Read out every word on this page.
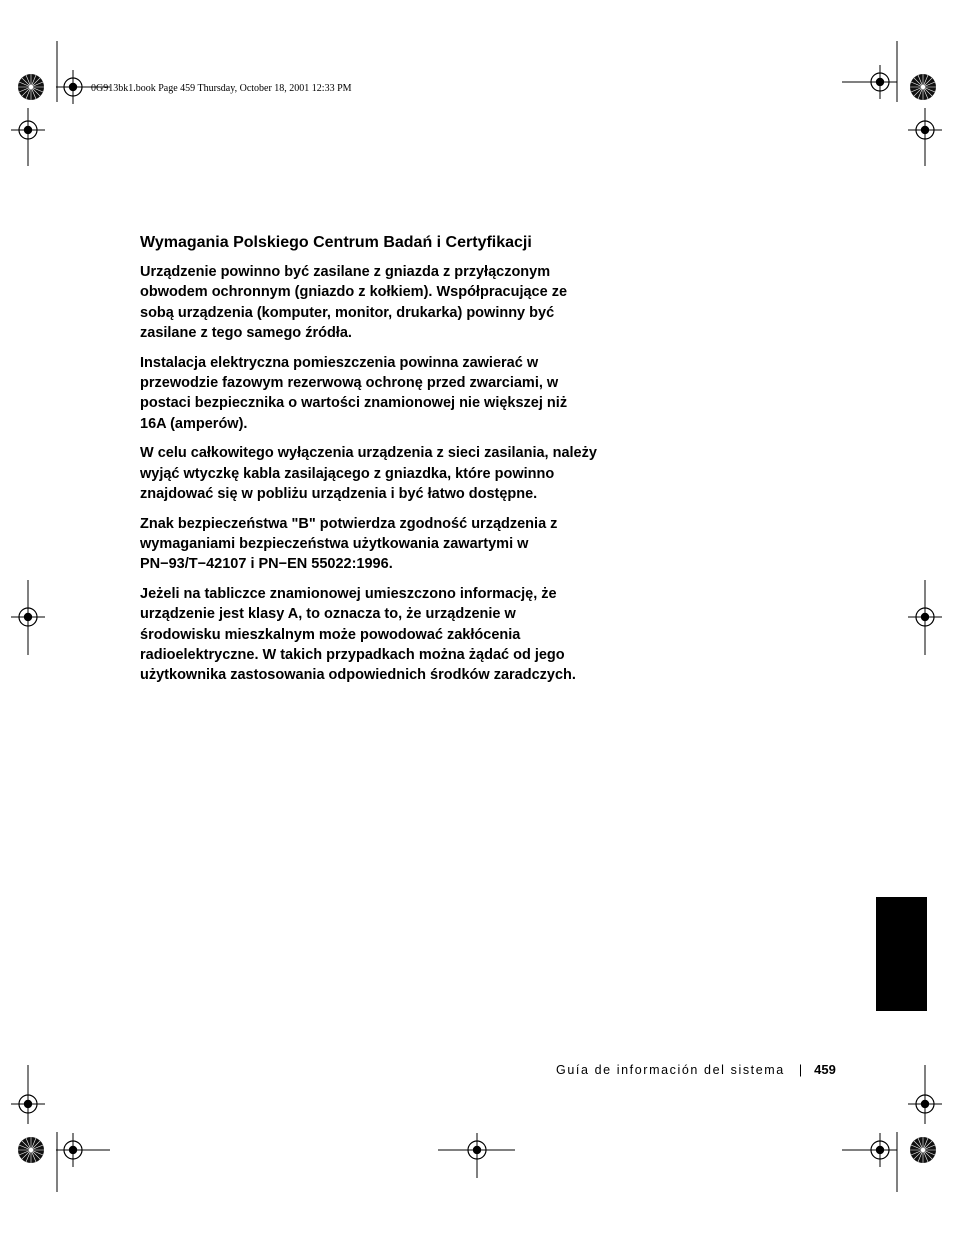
0G913bk1.book Page 459 Thursday, October 18, 2001 12:33 PM
Wymagania Polskiego Centrum Badań i Certyfikacji

Urządzenie powinno być zasilane z gniazda z przyłączonym
obwodem ochronnym (gniazdo z kołkiem). Współpracujące ze
sobą urządzenia (komputer, monitor, drukarka) powinny być
zasilane z tego samego źródła.

Instalacja elektryczna pomieszczenia powinna zawierać w
przewodzie fazowym rezerwową ochronę przed zwarciami, w
postaci bezpiecznika o wartości znamionowej nie większej niż
16A (amperów).

W celu całkowitego wyłączenia urządzenia z sieci zasilania, należy
wyjąć wtyczkę kabla zasilającego z gniazdka, które powinno
znajdować się w pobliżu urządzenia i być łatwo dostępne.

Znak bezpieczeństwa "B" potwierdza zgodność urządzenia z
wymaganiami bezpieczeństwa użytkowania zawartymi w
PN−93/T−42107 i PN−EN 55022:1996.

Jeżeli na tabliczce znamionowej umieszczono informację, że
urządzenie jest klasy A, to oznacza to, że urządzenie w
środowisku mieszkalnym może powodować zakłócenia
radioelektryczne. W takich przypadkach można żądać od jego
użytkownika zastosowania odpowiednich środków zaradczych.

Guía de información del sistema | 459
